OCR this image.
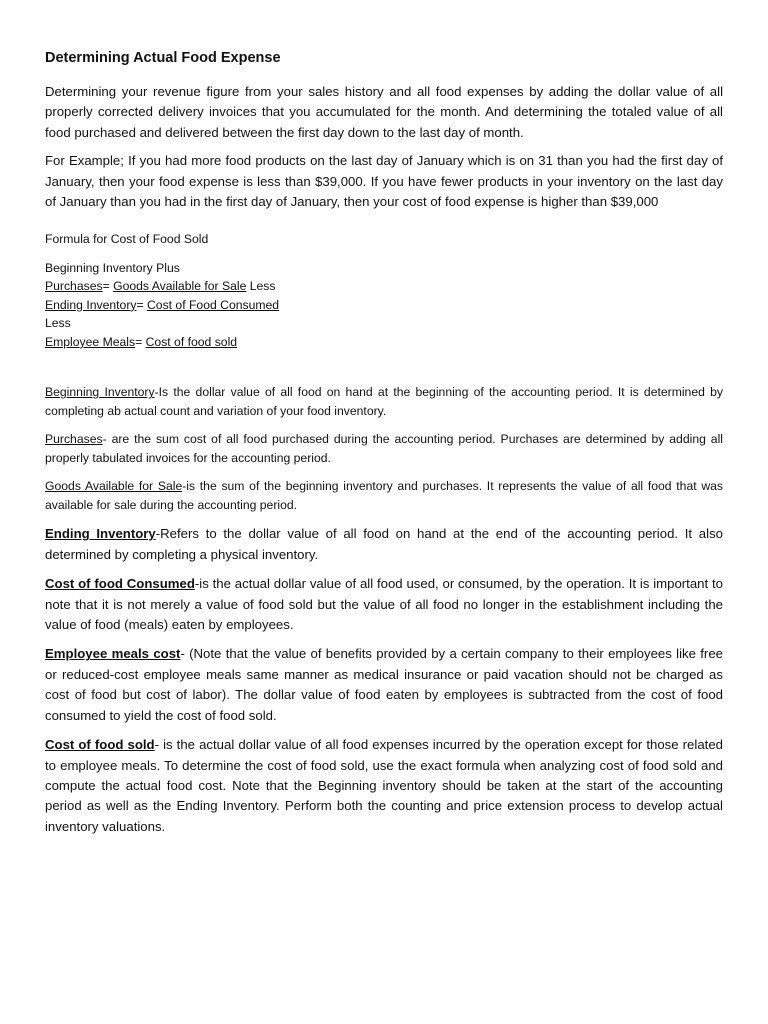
Determining Actual Food Expense

Determining your revenue figure from your sales history and all food expenses by adding the dollar value of all properly corrected delivery invoices that you accumulated for the month. And determining the totaled value of all food purchased and delivered between the first day down to the last day of month.

For Example; If you had more food products on the last day of January which is on 31 than you had the first day of January, then your food expense is less than $39,000. If you have fewer products in your inventory on the last day of January than you had in the first day of January, then your cost of food expense is higher than $39,000

Formula for Cost of Food Sold
Beginning Inventory Plus
Purchases= Goods Available for Sale Less
Ending Inventory= Cost of Food Consumed
Less
Employee Meals= Cost of food sold

Beginning Inventory-Is the dollar value of all food on hand at the beginning of the accounting period. It is determined by completing ab actual count and variation of your food inventory.

Purchases- are the sum cost of all food purchased during the accounting period. Purchases are determined by adding all properly tabulated invoices for the accounting period.

Goods Available for Sale-is the sum of the beginning inventory and purchases. It represents the value of all food that was available for sale during the accounting period.

Ending Inventory-Refers to the dollar value of all food on hand at the end of the accounting period. It also determined by completing a physical inventory.

Cost of food Consumed-is the actual dollar value of all food used, or consumed, by the operation. It is important to note that it is not merely a value of food sold but the value of all food no longer in the establishment including the value of food (meals) eaten by employees.

Employee meals cost- (Note that the value of benefits provided by a certain company to their employees like free or reduced-cost employee meals same manner as medical insurance or paid vacation should not be charged as cost of food but cost of labor). The dollar value of food eaten by employees is subtracted from the cost of food consumed to yield the cost of food sold.

Cost of food sold- is the actual dollar value of all food expenses incurred by the operation except for those related to employee meals. To determine the cost of food sold, use the exact formula when analyzing cost of food sold and compute the actual food cost. Note that the Beginning inventory should be taken at the start of the accounting period as well as the Ending Inventory. Perform both the counting and price extension process to develop actual inventory valuations.
